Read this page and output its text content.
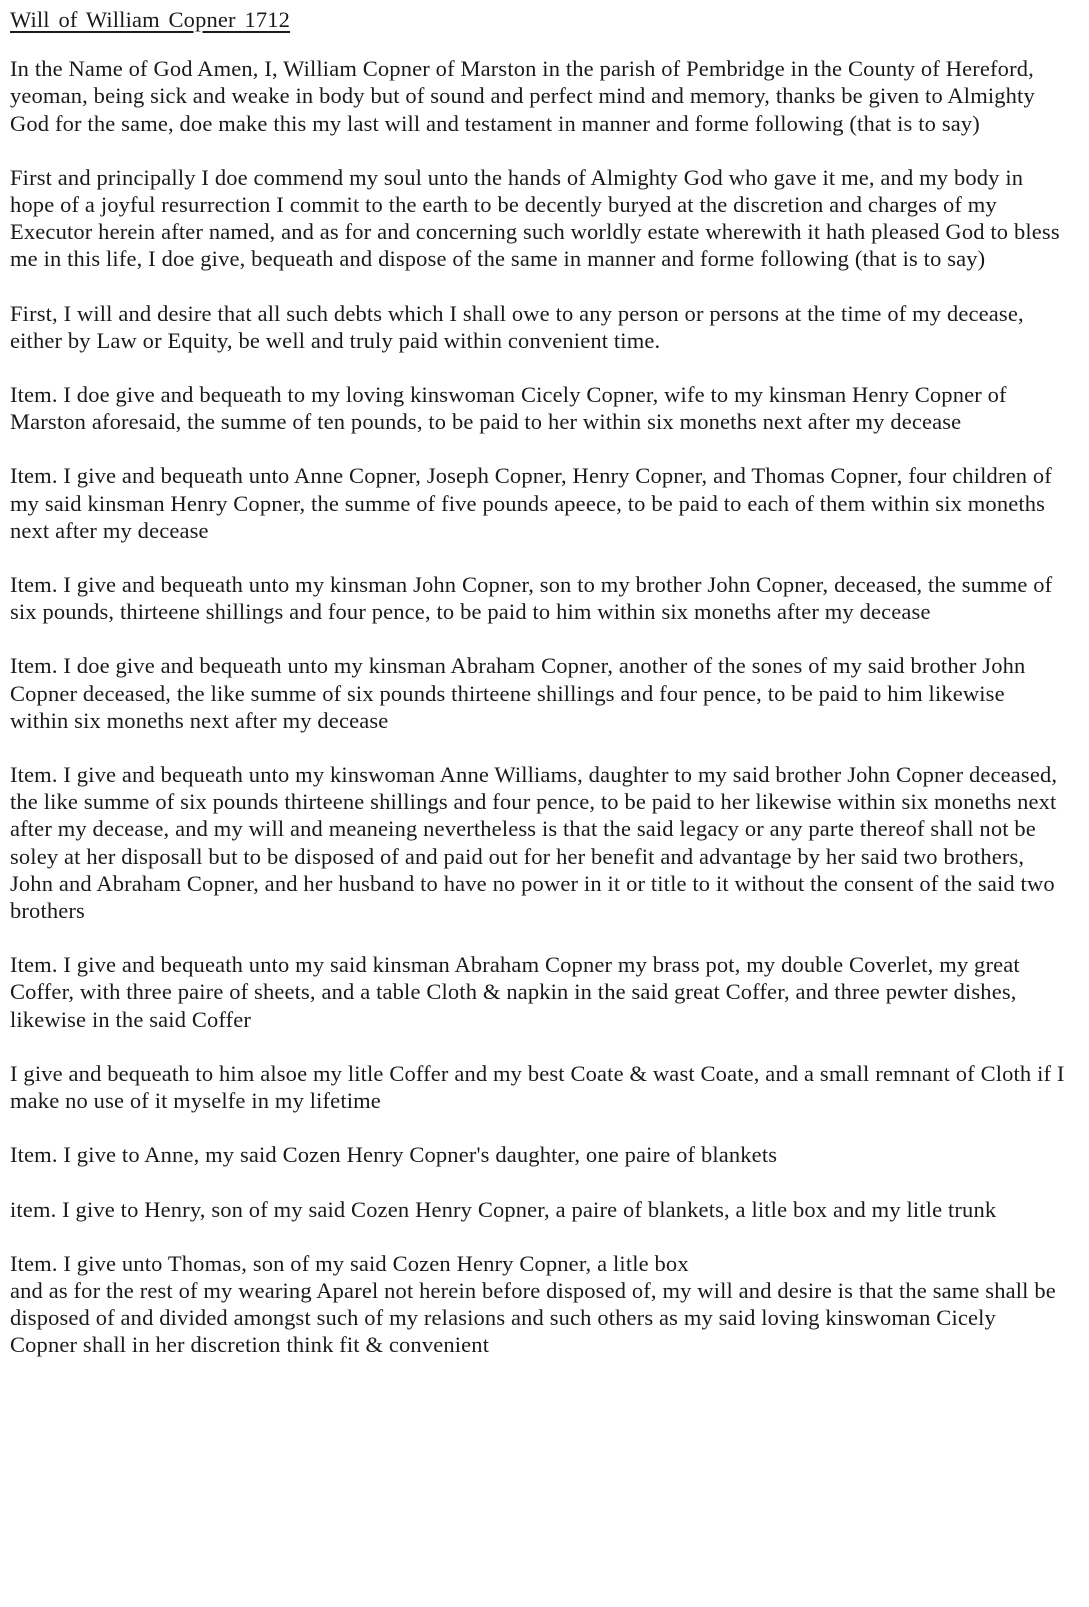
Will of William Copner 1712

In the Name of God Amen, I, William Copner of Marston in the parish of Pembridge in the County of Hereford, yeoman, being sick and weake in body but of sound and perfect mind and memory, thanks be given to Almighty God for the same, doe make this my last will and testament in manner and forme following (that is to say)

First and principally I doe commend my soul unto the hands of Almighty God who gave it me, and my body in hope of a joyful resurrection I commit to the earth to be decently buryed at the discretion and charges of my Executor herein after named, and as for and concerning such worldly estate wherewith it hath pleased God to bless me in this life, I doe give, bequeath and dispose of the same in manner and forme following (that is to say)

First, I will and desire that all such debts which I shall owe to any person or persons at the time of my decease, either by Law or Equity, be well and truly paid within convenient time.

Item. I doe give and bequeath to my loving kinswoman Cicely Copner, wife to my kinsman Henry Copner of Marston aforesaid, the summe of ten pounds, to be paid to her within six moneths next after my decease

Item. I give and bequeath unto Anne Copner, Joseph Copner, Henry Copner, and Thomas Copner, four children of my said kinsman Henry Copner, the summe of five pounds apeece, to be paid to each of them within six moneths next after my decease

Item. I give and bequeath unto my kinsman John Copner, son to my brother John Copner, deceased, the summe of six pounds, thirteene shillings and four pence, to be paid to him within six moneths after my decease

Item. I doe give and bequeath unto my kinsman Abraham Copner, another of the sones of my said brother John Copner deceased, the like summe of six pounds thirteene shillings and four pence, to be paid to him likewise within six moneths next after my decease

Item. I give and bequeath unto my kinswoman Anne Williams, daughter to my said brother John Copner deceased, the like summe of six pounds thirteene shillings and four pence, to be paid to her likewise within six moneths next after my decease, and my will and meaneing nevertheless is that the said legacy or any parte thereof shall not be soley at her disposall but to be disposed of and paid out for her benefit and advantage by her said two brothers, John and Abraham Copner, and her husband to have no power in it or title to it without the consent of the said two brothers

Item. I give and bequeath unto my said kinsman Abraham Copner my brass pot, my double Coverlet, my great Coffer, with three paire of sheets, and a table Cloth & napkin in the said great Coffer, and three pewter dishes, likewise in the said Coffer

I give and bequeath to him alsoe my litle Coffer and my best Coate & wast Coate, and a small remnant of Cloth if I make no use of it myselfe in my lifetime

Item. I give to Anne, my said Cozen Henry Copner's daughter, one paire of blankets

item. I give to Henry, son of my said Cozen Henry Copner, a paire of blankets, a litle box and my litle trunk

Item. I give unto Thomas, son of my said Cozen Henry Copner, a litle box

and as for the rest of my wearing Aparel not herein before disposed of, my will and desire is that the same shall be disposed of and divided amongst such of my relasions and such others as my said loving kinswoman Cicely Copner shall in her discretion think fit & convenient
